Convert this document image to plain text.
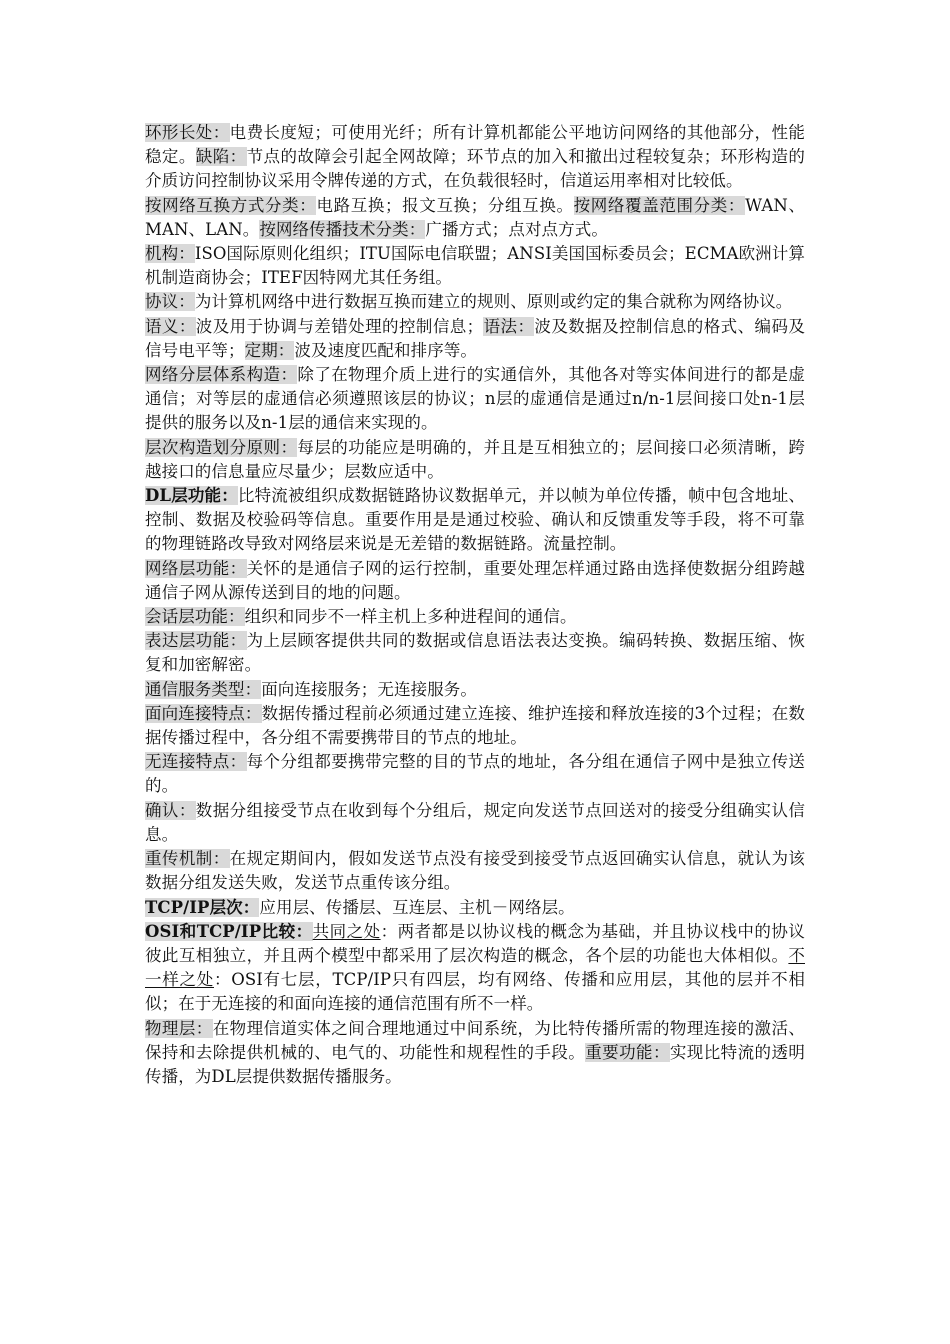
环形长处：电费长度短；可使用光纤；所有计算机都能公平地访问网络的其他部分，性能稳定。缺陷：节点的故障会引起全网故障；环节点的加入和撤出过程较复杂；环形构造的介质访问控制协议采用令牌传递的方式，在负载很轻时，信道运用率相对比较低。

按网络互换方式分类：电路互换；报文互换；分组互换。按网络覆盖范围分类：WAN、MAN、LAN。按网络传播技术分类：广播方式；点对点方式。

机构：ISO国际原则化组织；ITU国际电信联盟；ANSI美国国标委员会；ECMA欧洲计算机制造商协会；ITEF因特网尤其任务组。

协议：为计算机网络中进行数据互换而建立的规则、原则或约定的集合就称为网络协议。

语义：波及用于协调与差错处理的控制信息；语法：波及数据及控制信息的格式、编码及信号电平等；定期：波及速度匹配和排序等。

网络分层体系构造：除了在物理介质上进行的实通信外，其他各对等实体间进行的都是虚通信；对等层的虚通信必须遵照该层的协议；n层的虚通信是通过n/n-1层间接口处n-1层提供的服务以及n-1层的通信来实现的。

层次构造划分原则：每层的功能应是明确的，并且是互相独立的；层间接口必须清晰，跨越接口的信息量应尽量少；层数应适中。

DL层功能：比特流被组织成数据链路协议数据单元，并以帧为单位传播，帧中包含地址、控制、数据及校验码等信息。重要作用是是通过校验、确认和反馈重发等手段，将不可靠的物理链路改导致对网络层来说是无差错的数据链路。流量控制。

网络层功能：关怀的是通信子网的运行控制，重要处理怎样通过路由选择使数据分组跨越通信子网从源传送到目的地的问题。

会话层功能：组织和同步不一样主机上多种进程间的通信。

表达层功能：为上层顾客提供共同的数据或信息语法表达变换。编码转换、数据压缩、恢复和加密解密。

通信服务类型：面向连接服务；无连接服务。

面向连接特点：数据传播过程前必须通过建立连接、维护连接和释放连接的3个过程；在数据传播过程中，各分组不需要携带目的节点的地址。

无连接特点：每个分组都要携带完整的目的节点的地址，各分组在通信子网中是独立传送的。

确认：数据分组接受节点在收到每个分组后，规定向发送节点回送对的接受分组确实认信息。

重传机制：在规定期间内，假如发送节点没有接受到接受节点返回确实认信息，就认为该数据分组发送失败，发送节点重传该分组。

TCP/IP层次：应用层、传播层、互连层、主机－网络层。

OSI和TCP/IP比较：共同之处：两者都是以协议栈的概念为基础，并且协议栈中的协议彼此互相独立，并且两个模型中都采用了层次构造的概念，各个层的功能也大体相似。不一样之处：OSI有七层，TCP/IP只有四层，均有网络、传播和应用层，其他的层并不相似；在于无连接的和面向连接的通信范围有所不一样。

物理层：在物理信道实体之间合理地通过中间系统，为比特传播所需的物理连接的激活、保持和去除提供机械的、电气的、功能性和规程性的手段。重要功能：实现比特流的透明传播，为DL层提供数据传播服务。
